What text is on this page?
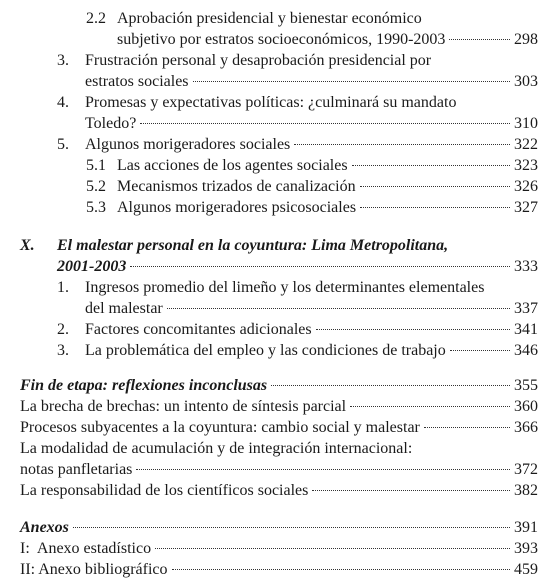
2.2 Aprobación presidencial y bienestar económico
subjetivo por estratos socioeconómicos, 1990-2003	298
3. Frustración personal y desaprobación presidencial por
estratos sociales	303
4. Promesas y expectativas políticas: ¿culminará su mandato
Toledo?	310
5. Algunos morigeradores sociales	322
5.1 Las acciones de los agentes sociales	323
5.2 Mecanismos trizados de canalización	326
5.3 Algunos morigeradores psicosociales	327
X. El malestar personal en la coyuntura: Lima Metropolitana,
2001-2003	333
1. Ingresos promedio del limeño y los determinantes elementales
del malestar	337
2. Factores concomitantes adicionales	341
3. La problemática del empleo y las condiciones de trabajo	346
Fin de etapa: reflexiones inconclusas	355
La brecha de brechas: un intento de síntesis parcial	360
Procesos subyacentes a la coyuntura: cambio social y malestar	366
La modalidad de acumulación y de integración internacional:
notas panfletarias	372
La responsabilidad de los científicos sociales	382
Anexos	391
I:  Anexo estadístico	393
II: Anexo bibliográfico	459
